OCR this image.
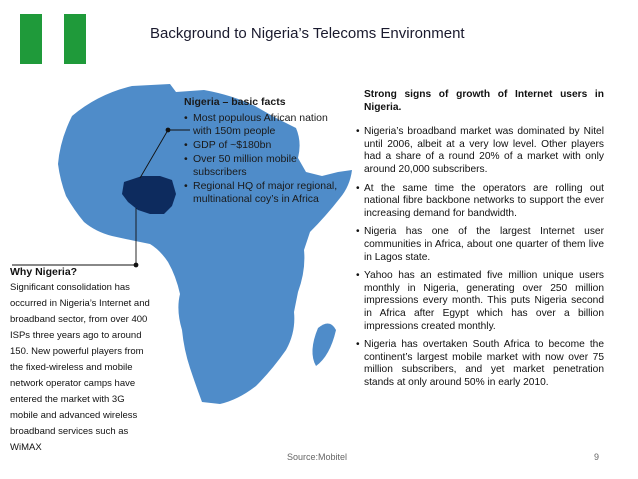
Background to Nigeria’s Telecoms Environment
Nigeria – basic facts
• Most populous African nation with 150m people
• GDP of ~$180bn
• Over 50 million mobile subscribers
• Regional HQ of major regional, multinational coy’s in Africa
Why Nigeria?
Significant consolidation has occurred in Nigeria’s Internet and broadband sector, from over 400 ISPs three years ago to around 150. New powerful players from the fixed-wireless and mobile network operator camps have entered the market with 3G mobile and advanced wireless broadband services such as WiMAX
Strong signs of growth of Internet users in Nigeria.
• Nigeria’s broadband market was dominated by Nitel until 2006, albeit at a very low level. Other players had a share of a round 20% of a market with only around 20,000 subscribers.
• At the same time the operators are rolling out national fibre backbone networks to support the ever increasing demand for bandwidth.
• Nigeria has one of the largest Internet user communities in Africa, about one quarter of them live in Lagos state.
• Yahoo has an estimated five million unique users monthly in Nigeria, generating over 250 million impressions every month. This puts Nigeria second in Africa after Egypt which has over a billion impressions created monthly.
• Nigeria has overtaken South Africa to become the continent’s largest mobile market with now over 75 million subscribers, and yet market penetration stands at only around 50% in early 2010.
Source:Mobitel	9
